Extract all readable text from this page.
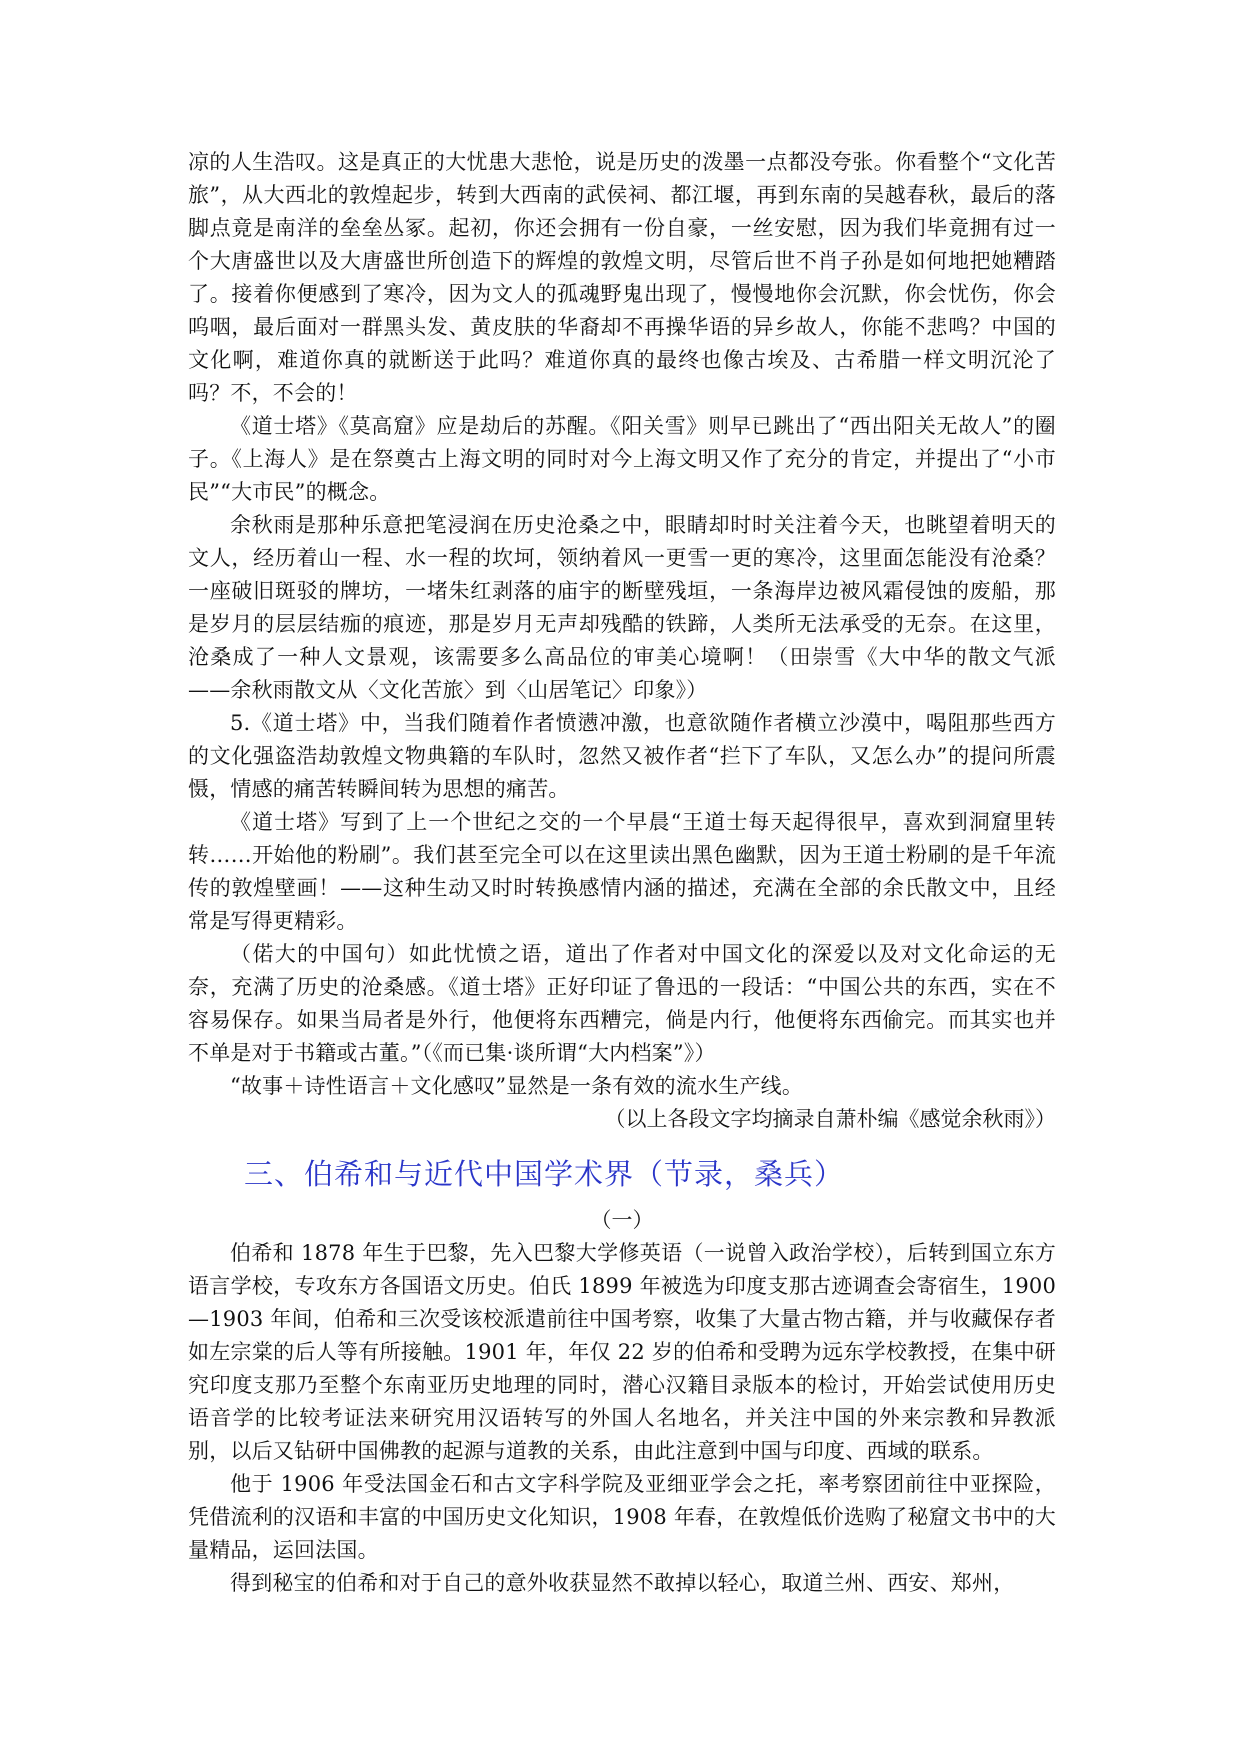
凉的人生浩叹。这是真正的大忧患大悲怆，说是历史的泼墨一点都没夸张。你看整个“文化苦旅”，从大西北的敦煌起步，转到大西南的武侯祠、都江堰，再到东南的吴越春秋，最后的落脚点竟是南洋的垒垒丛冢。起初，你还会拥有一份自豪，一丝安慰，因为我们毕竟拥有过一个大唐盛世以及大唐盛世所创造下的辉煌的敦煌文明，尽管后世不肖子孙是如何地把她糟踏了。接着你便感到了寒冷，因为文人的孤魂野鬼出现了，慢慢地你会沉默，你会忧伤，你会呜咽，最后面对一群黑头发、黄皮肤的华裔却不再操华语的异乡故人，你能不悲鸣？中国的文化啊，难道你真的就断送于此吗？难道你真的最终也像古埃及、古希腊一样文明沉沦了吗？不，不会的！

《道士塔》《莫高窟》应是劫后的苏醒。《阳关雪》则早已跳出了“西出阳关无故人”的圈子。《上海人》是在祭奠古上海文明的同时对今上海文明又作了充分的肯定，并提出了“小市民”“大市民”的概念。

余秋雨是那种乐意把笔浸润在历史沧桑之中，眼睛却时时关注着今天，也眺望着明天的文人，经历着山一程、水一程的坎坷，领纳着风一更雪一更的寒冷，这里面怎能没有沧桑？一座破旧斑驳的牌坊，一堵朱红剥落的庙宇的断壁残垣，一条海岸边被风霜侵蚀的废船，那是岁月的层层结痂的痕迹，那是岁月无声却残酷的铁蹄，人类所无法承受的无奈。在这里，沧桑成了一种人文景观，该需要多么高品位的审美心境啊！（田崇雪《大中华的散文气派——余秋雨散文从〈文化苦旅〉到〈山居笔记〉印象》）

5.《道士塔》中，当我们随着作者愤懑冲激，也意欲随作者横立沙漠中，喝阻那些西方的文化强盗浩劫敦煌文物典籍的车队时，忽然又被作者“拦下了车队，又怎么办”的提问所震慑，情感的痛苦转瞬间转为思想的痛苦。

《道士塔》写到了上一个世纪之交的一个早晨“王道士每天起得很早，喜欢到洞窟里转转……开始他的粉刷”。我们甚至完全可以在这里读出黑色幽默，因为王道士粉刷的是千年流传的敦煌壁画！——这种生动又时时转换感情内涵的描述，充满在全部的余氏散文中，且经常是写得更精彩。

（偌大的中国句）如此忧愤之语，道出了作者对中国文化的深爱以及对文化命运的无奈，充满了历史的沧桑感。《道士塔》正好印证了鲁迅的一段话：“中国公共的东西，实在不容易保存。如果当局者是外行，他便将东西糟完，倘是内行，他便将东西偷完。而其实也并不单是对于书籍或古董。”（《而已集·谈所谓“大内档案”》）

“故事＋诗性语言＋文化感叹”显然是一条有效的流水生产线。

（以上各段文字均摘录自萧朴编《感觉余秋雨》）

三、伯希和与近代中国学术界（节录，桑兵）

（一）

伯希和 1878 年生于巴黎，先入巴黎大学修英语（一说曾入政治学校），后转到国立东方语言学校，专攻东方各国语文历史。伯氏 1899 年被选为印度支那古迹调查会寄宿生，1900—1903 年间，伯希和三次受该校派遣前往中国考察，收集了大量古物古籍，并与收藏保存者如左宗棠的后人等有所接触。1901 年，年仅 22 岁的伯希和受聘为远东学校教授，在集中研究印度支那乃至整个东南亚历史地理的同时，潜心汉籍目录版本的检讨，开始尝试使用历史语音学的比较考证法来研究用汉语转写的外国人名地名，并关注中国的外来宗教和异教派别，以后又钻研中国佛教的起源与道教的关系，由此注意到中国与印度、西域的联系。

他于 1906 年受法国金石和古文字科学院及亚细亚学会之托，率考察团前往中亚探险，凭借流利的汉语和丰富的中国历史文化知识，1908 年春，在敦煌低价选购了秘窟文书中的大量精品，运回法国。

得到秘宝的伯希和对于自己的意外收获显然不敢掉以轻心，取道兰州、西安、郑州，
